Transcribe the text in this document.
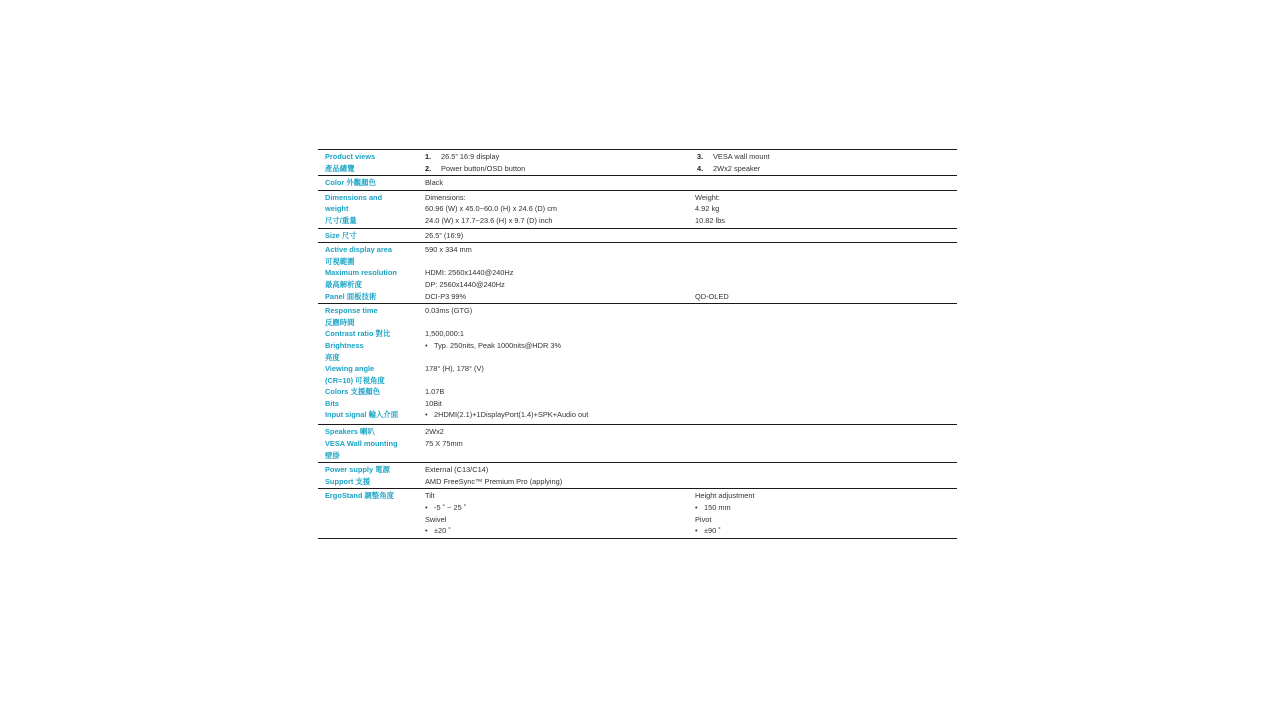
Product views	1. 26.5” 16:9 display	3. VESA wall mount
產品總覽	2. Power button/OSD button	4. 2Wx2 speaker
Color 外觀顏色	Black
Dimensions and	Dimensions:	Weight:
weight	60.96 (W) x 45.0~60.0 (H) x 24.6 (D) cm	4.92 kg
尺寸/重量	24.0 (W) x 17.7~23.6 (H) x 9.7 (D) inch	10.82 lbs
Size 尺寸	26.5” (16:9)
Active display area	590 x 334 mm
可視範圍
Maximum resolution	HDMI: 2560x1440@240Hz
最高解析度	DP: 2560x1440@240Hz
Panel 面板技術	DCI-P3 99%	QD-OLED
Response time	0.03ms (GTG)
反應時間
Contrast ratio 對比	1,500,000:1
Brightness	• Typ. 250nits, Peak 1000nits@HDR 3%
亮度
Viewing angle	178° (H), 178° (V)
(CR=10) 可視角度
Colors 支援顏色	1.07B
Bits	10Bit
Input signal 輸入介面	• 2HDMI(2.1)+1DisplayPort(1.4)+SPK+Audio out
Speakers 喇叭	2Wx2
VESA Wall mounting	75 X 75mm
壁掛
Power supply 電源	External (C13/C14)
Support 支援	AMD FreeSync™ Premium Pro (applying)
ErgoStand 調整角度	Tilt	Height adjustment
• -5 ˚ ~ 25 ˚	• 150 mm
Swivel	Pivot
• ±20 ˚	• ±90 ˚
